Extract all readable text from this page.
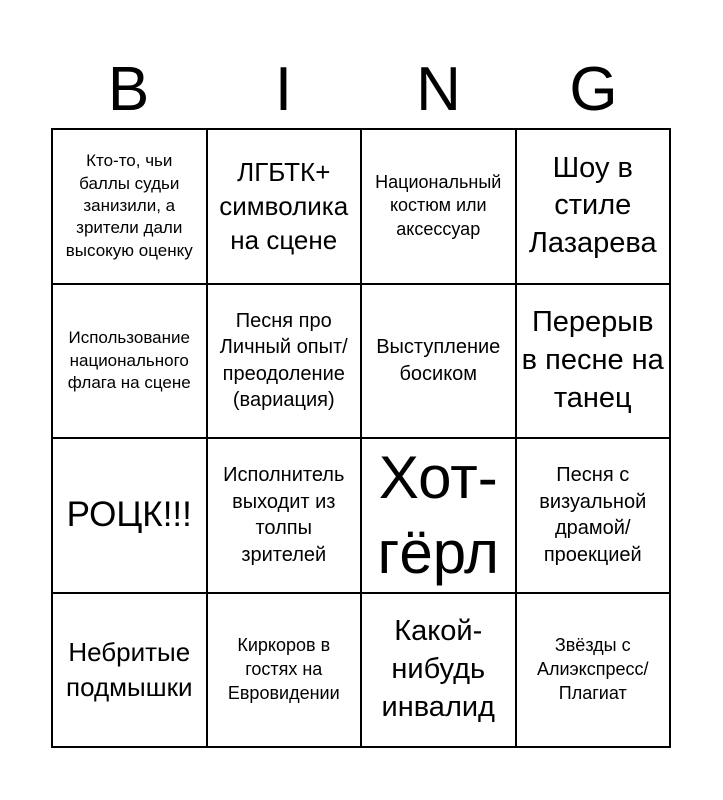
B	I	N	G
Кто-то, чьи баллы судьи занизили, а зрители дали высокую оценку
ЛГБТК+ символика на сцене
Национальный костюм или аксессуар
Шоу в стиле Лазарева
Использование национального флага на сцене
Песня про Личный опыт/ преодоление (вариация)
Выступление босиком
Перерыв в песне на танец
РОЦК!!!
Исполнитель выходит из толпы зрителей
Хот-гёрл
Песня с визуальной драмой/ проекцией
Небритые подмышки
Киркоров в гостях на Евровидении
Какой-нибудь инвалид
Звёзды с Алиэкспресс/ Плагиат
